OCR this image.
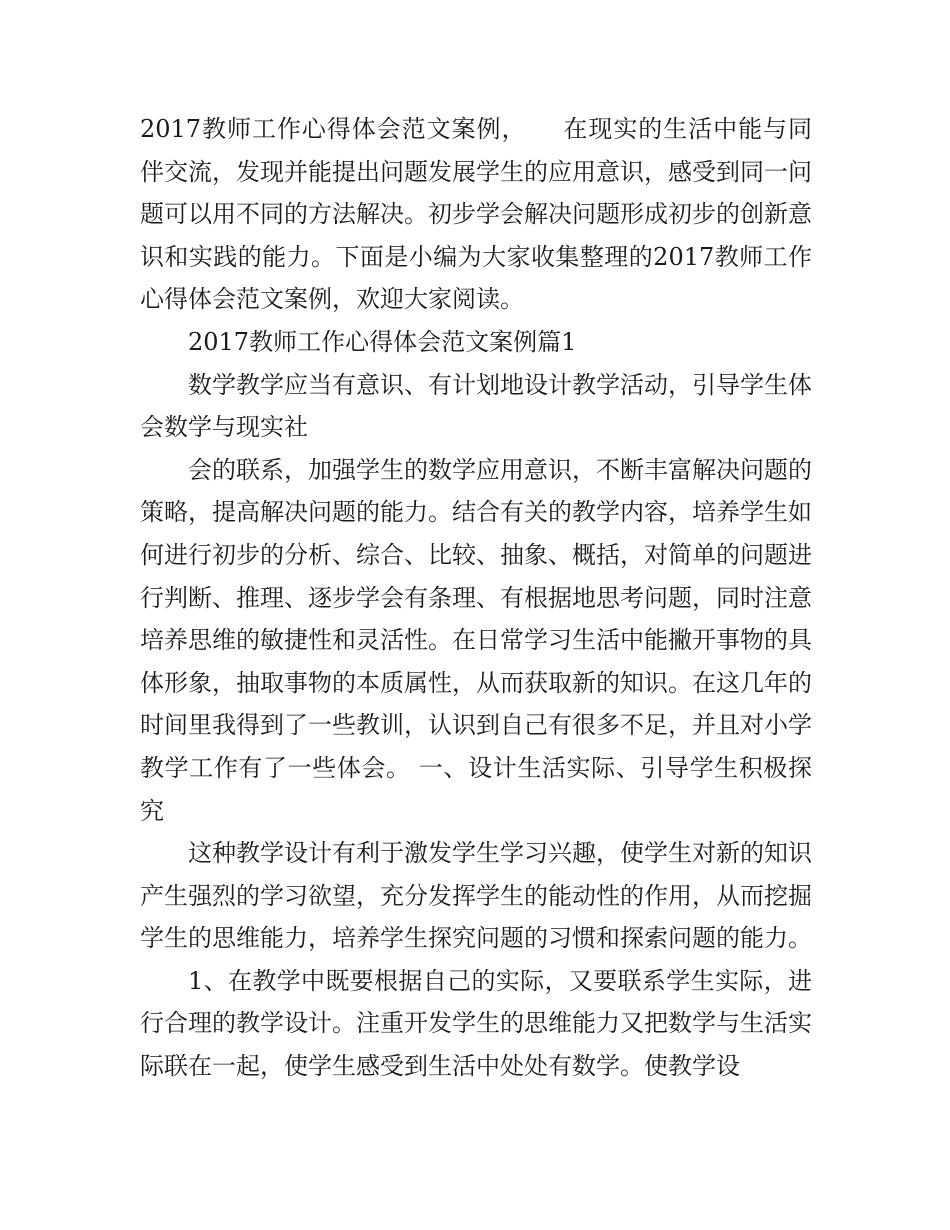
2017教师工作心得体会范文案例， 在现实的生活中能与同伴交流，发现并能提出问题发展学生的应用意识，感受到同一问题可以用不同的方法解决。初步学会解决问题形成初步的创新意识和实践的能力。下面是小编为大家收集整理的2017教师工作心得体会范文案例，欢迎大家阅读。

2017教师工作心得体会范文案例篇1

数学教学应当有意识、有计划地设计教学活动，引导学生体会数学与现实社

会的联系，加强学生的数学应用意识，不断丰富解决问题的策略，提高解决问题的能力。结合有关的教学内容，培养学生如何进行初步的分析、综合、比较、抽象、概括，对简单的问题进行判断、推理、逐步学会有条理、有根据地思考问题，同时注意培养思维的敏捷性和灵活性。在日常学习生活中能撇开事物的具体形象，抽取事物的本质属性，从而获取新的知识。在这几年的时间里我得到了一些教训，认识到自己有很多不足，并且对小学教学工作有了一些体会。 一、设计生活实际、引导学生积极探究

这种教学设计有利于激发学生学习兴趣，使学生对新的知识产生强烈的学习欲望，充分发挥学生的能动性的作用，从而挖掘学生的思维能力，培养学生探究问题的习惯和探索问题的能力。

1、在教学中既要根据自己的实际，又要联系学生实际，进行合理的教学设计。注重开发学生的思维能力又把数学与生活实际联在一起，使学生感受到生活中处处有数学。使教学设
